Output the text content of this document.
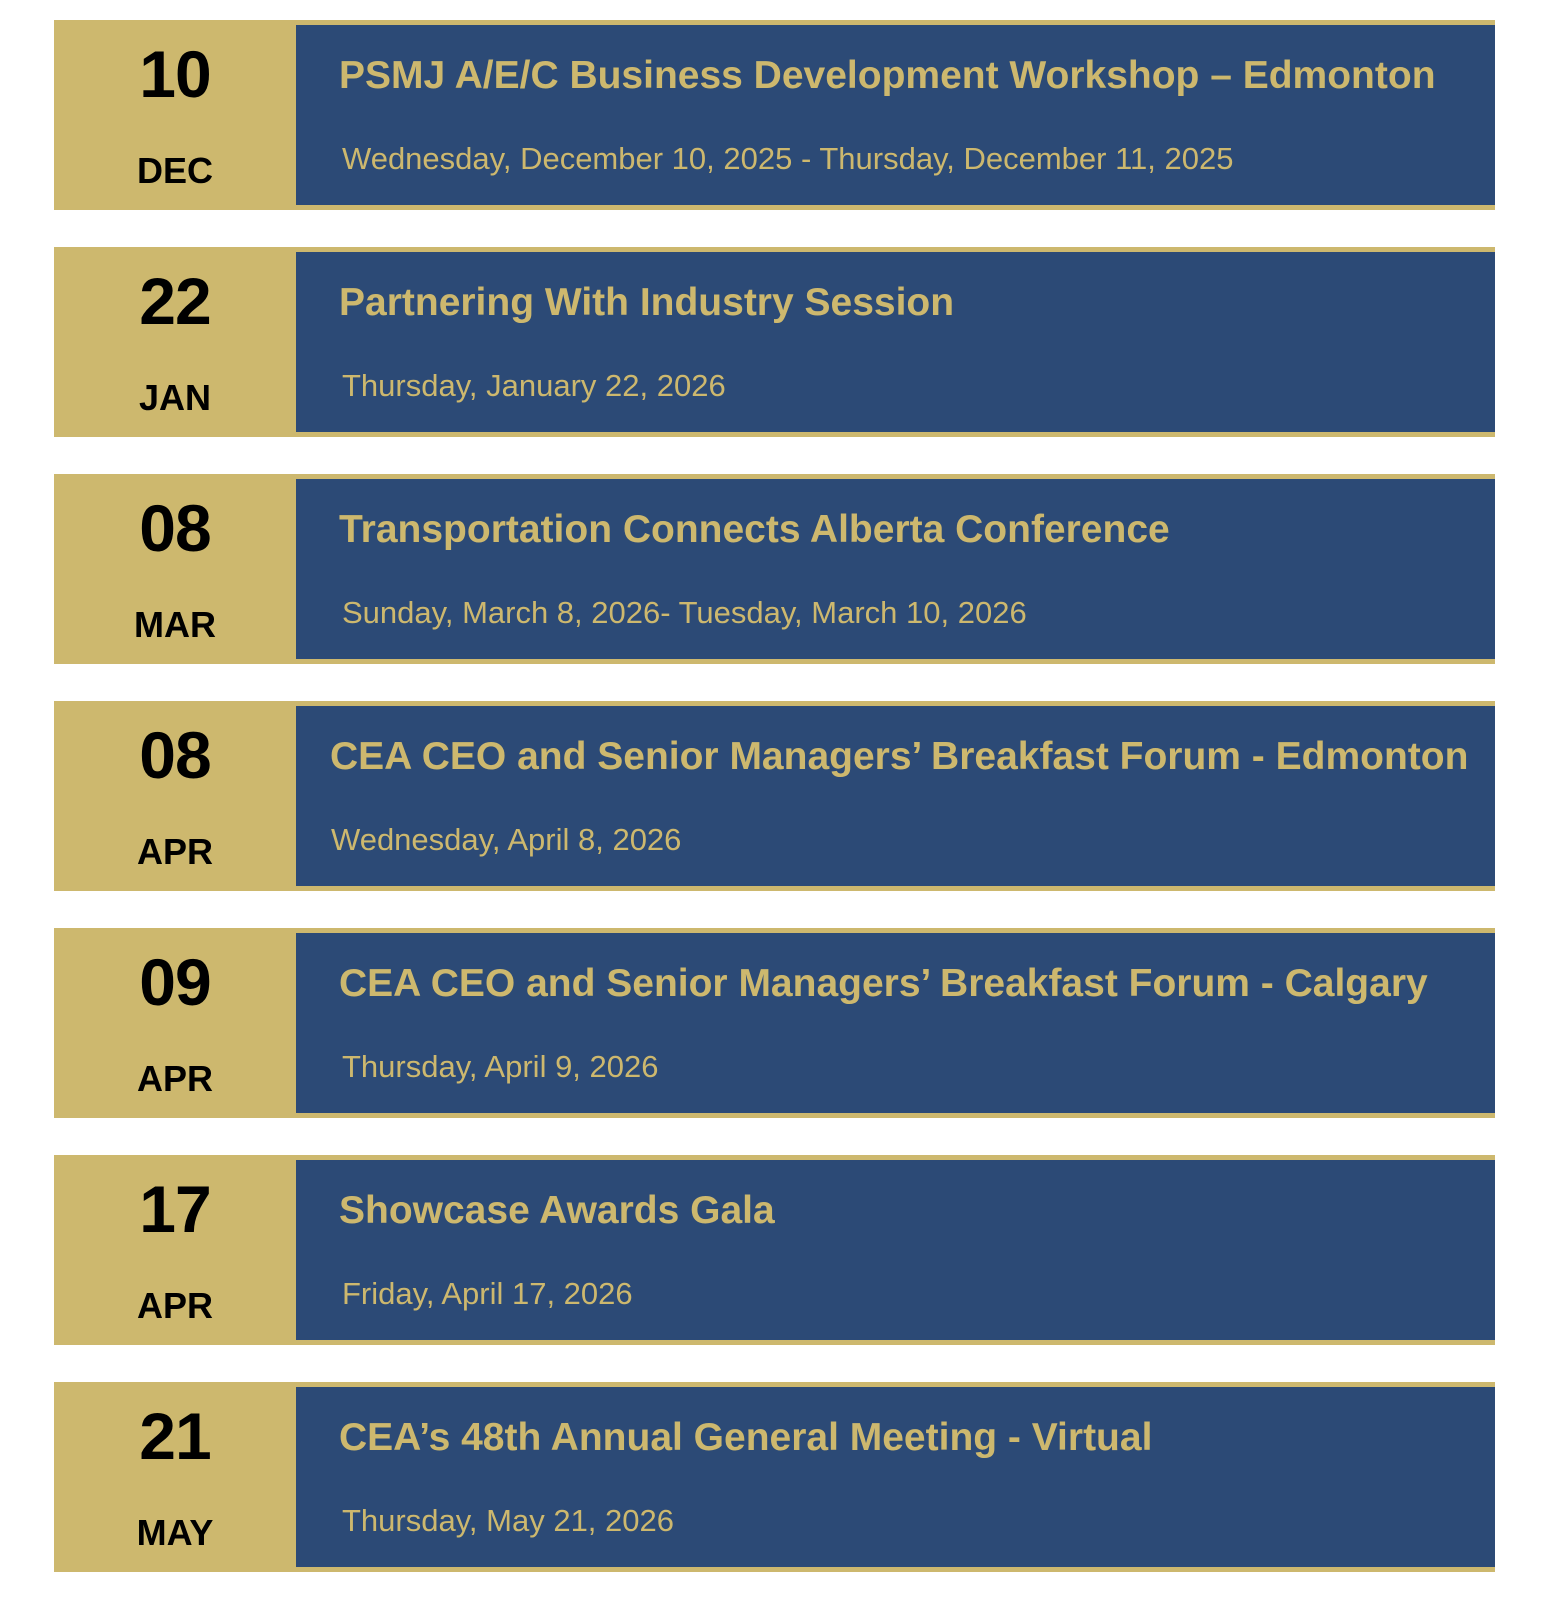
10
DEC
PSMJ A/E/C Business Development Workshop – Edmonton
Wednesday, December 10, 2025 - Thursday, December 11, 2025
22
JAN
Partnering With Industry Session
Thursday, January 22, 2026
08
MAR
Transportation Connects Alberta Conference
Sunday, March 8, 2026- Tuesday, March 10, 2026
08
APR
CEA CEO and Senior Managers’ Breakfast Forum - Edmonton
Wednesday, April 8, 2026
09
APR
CEA CEO and Senior Managers’ Breakfast Forum - Calgary
Thursday, April 9, 2026
17
APR
Showcase Awards Gala
Friday, April 17, 2026
21
MAY
CEA’s 48th Annual General Meeting - Virtual
Thursday, May 21, 2026
